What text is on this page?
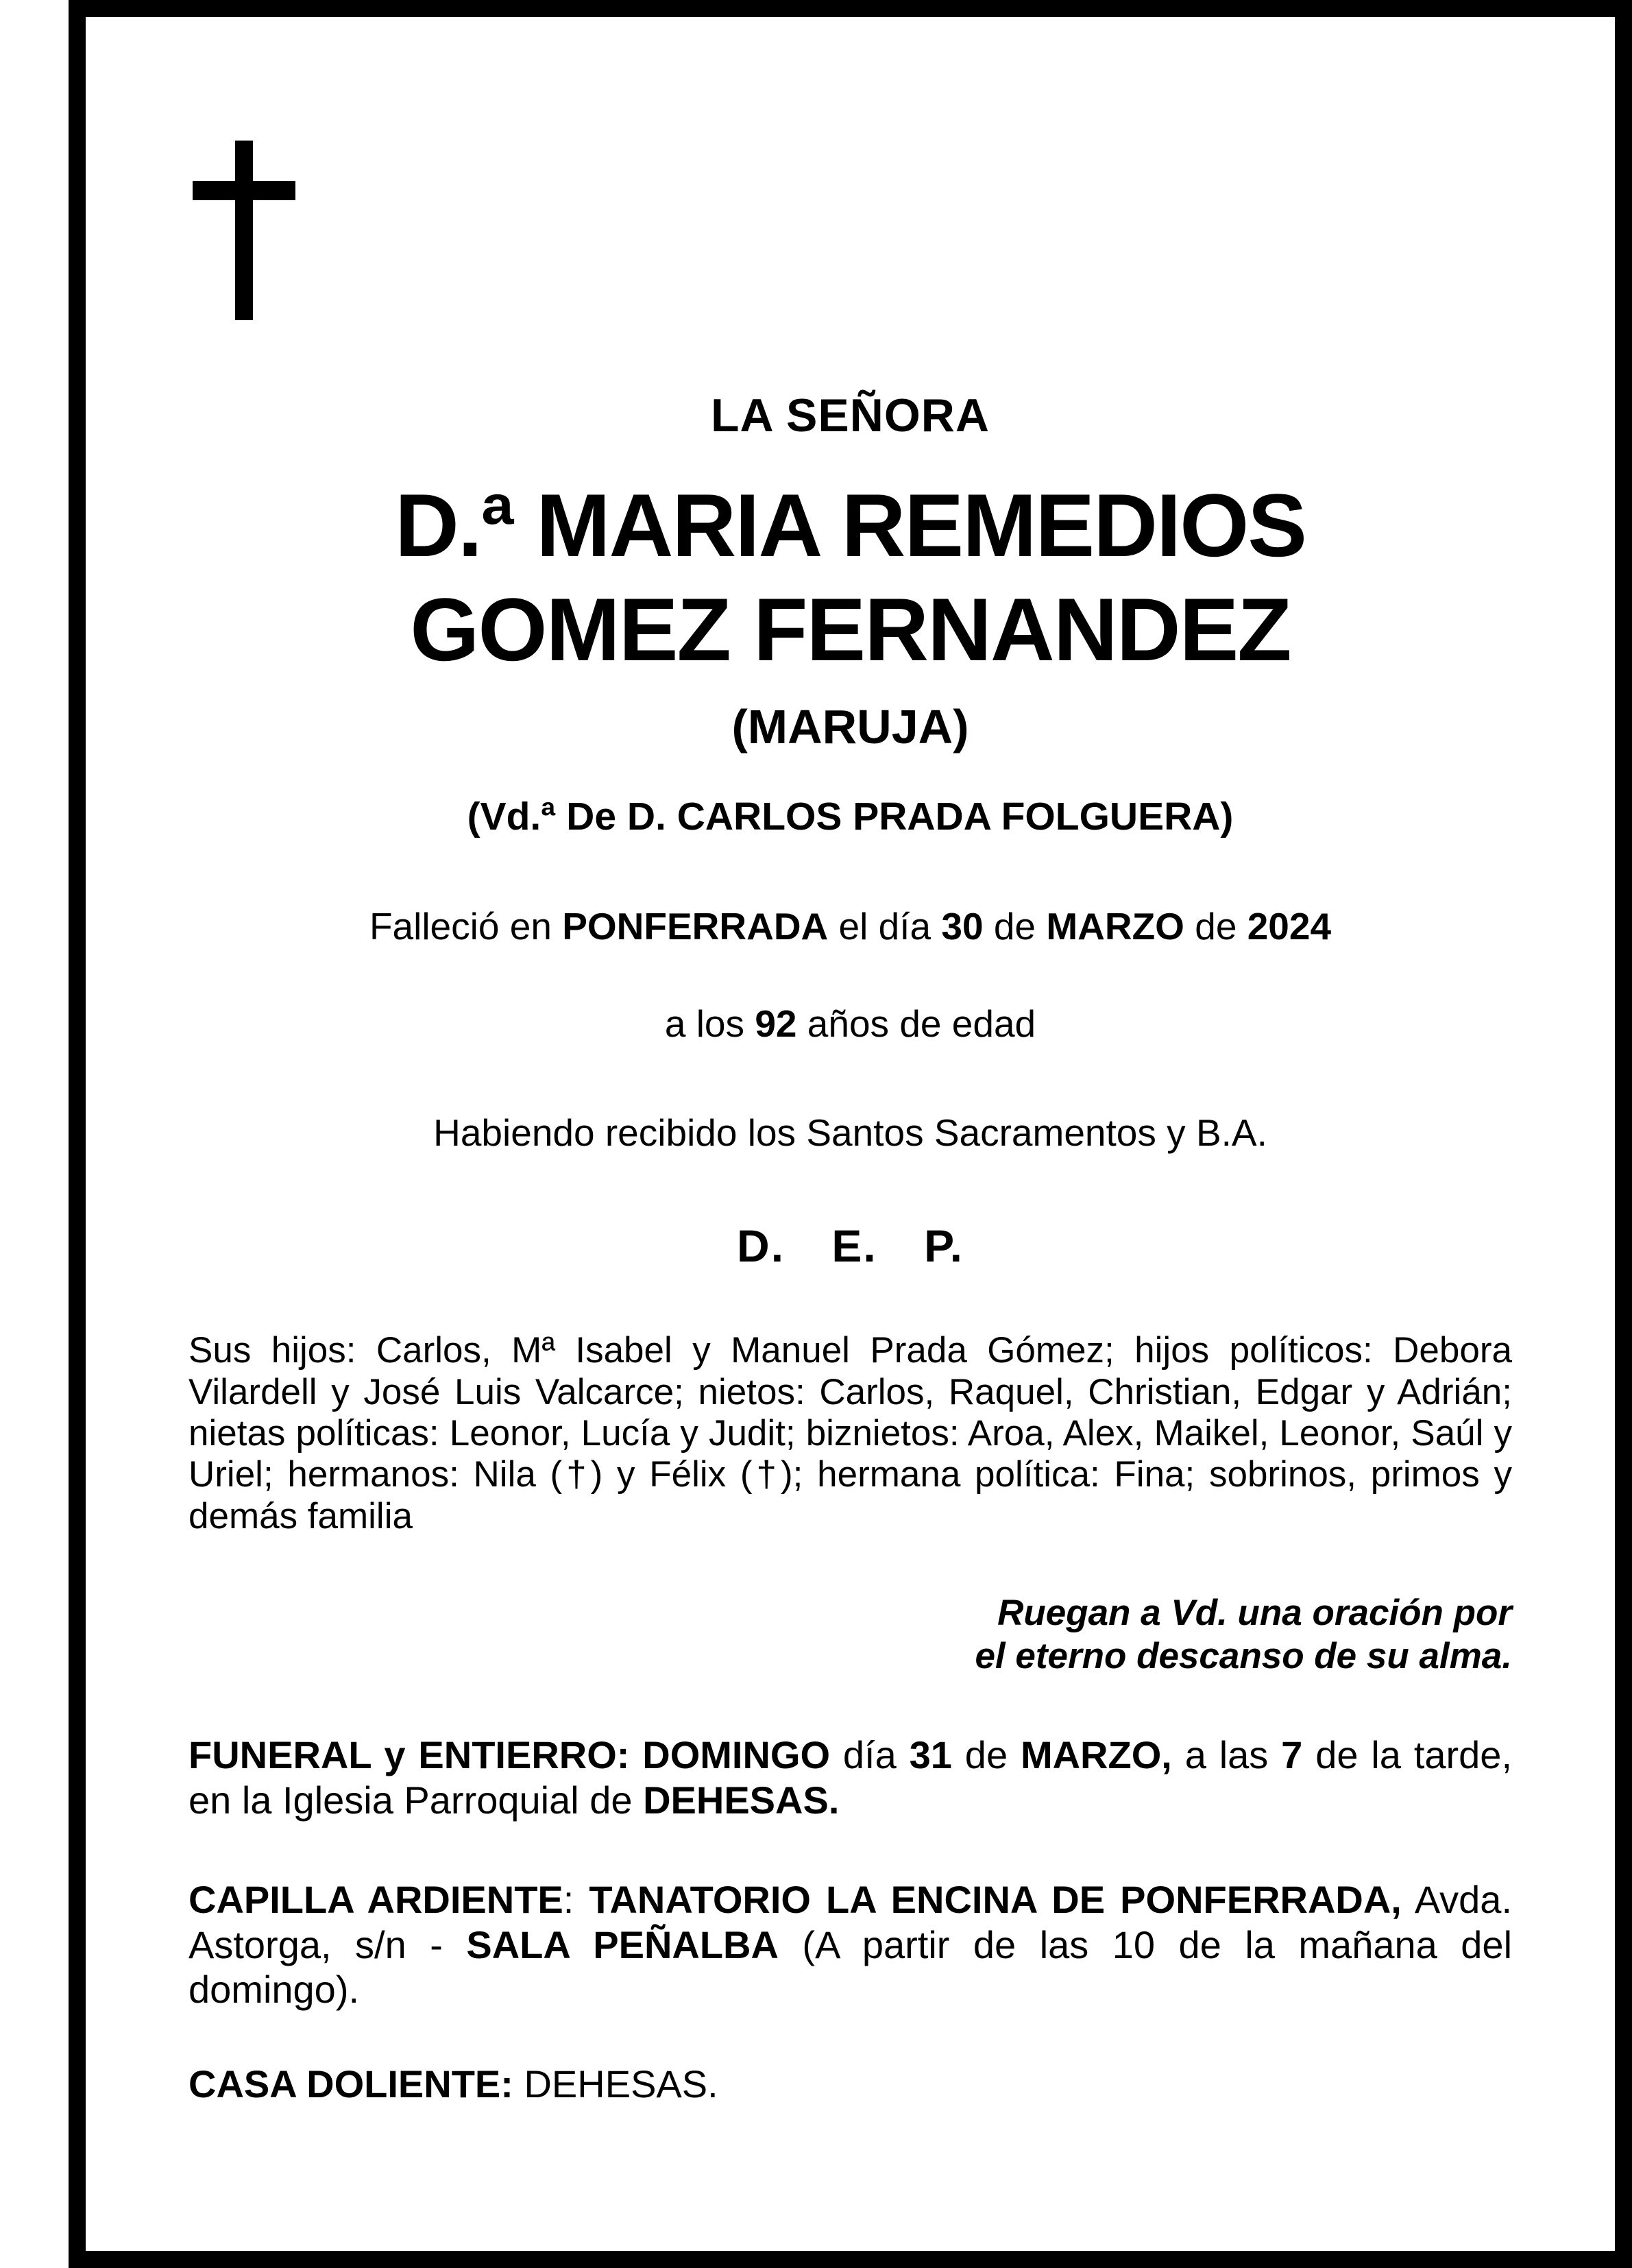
LA SEÑORA
D.ª MARIA REMEDIOS
GOMEZ FERNANDEZ
(MARUJA)
(Vd.ª De D. CARLOS PRADA FOLGUERA)
Falleció en PONFERRADA el día 30 de MARZO de 2024
a los 92 años de edad
Habiendo recibido los Santos Sacramentos y B.A.
D. E. P.
Sus hijos: Carlos, Mª Isabel y Manuel Prada Gómez; hijos políticos: Debora Vilardell y José Luis Valcarce; nietos: Carlos, Raquel, Christian, Edgar y Adrián; nietas políticas: Leonor, Lucía y Judit; biznietos: Aroa, Alex, Maikel, Leonor, Saúl y Uriel; hermanos: Nila (†) y Félix (†); hermana política: Fina; sobrinos, primos y demás familia
Ruegan a Vd. una oración por
el eterno descanso de su alma.
FUNERAL y ENTIERRO: DOMINGO día 31 de MARZO, a las 7 de la tarde, en la Iglesia Parroquial de DEHESAS.
CAPILLA ARDIENTE: TANATORIO LA ENCINA DE PONFERRADA, Avda. Astorga, s/n - SALA PEÑALBA (A partir de las 10 de la mañana del domingo).
CASA DOLIENTE: DEHESAS.
